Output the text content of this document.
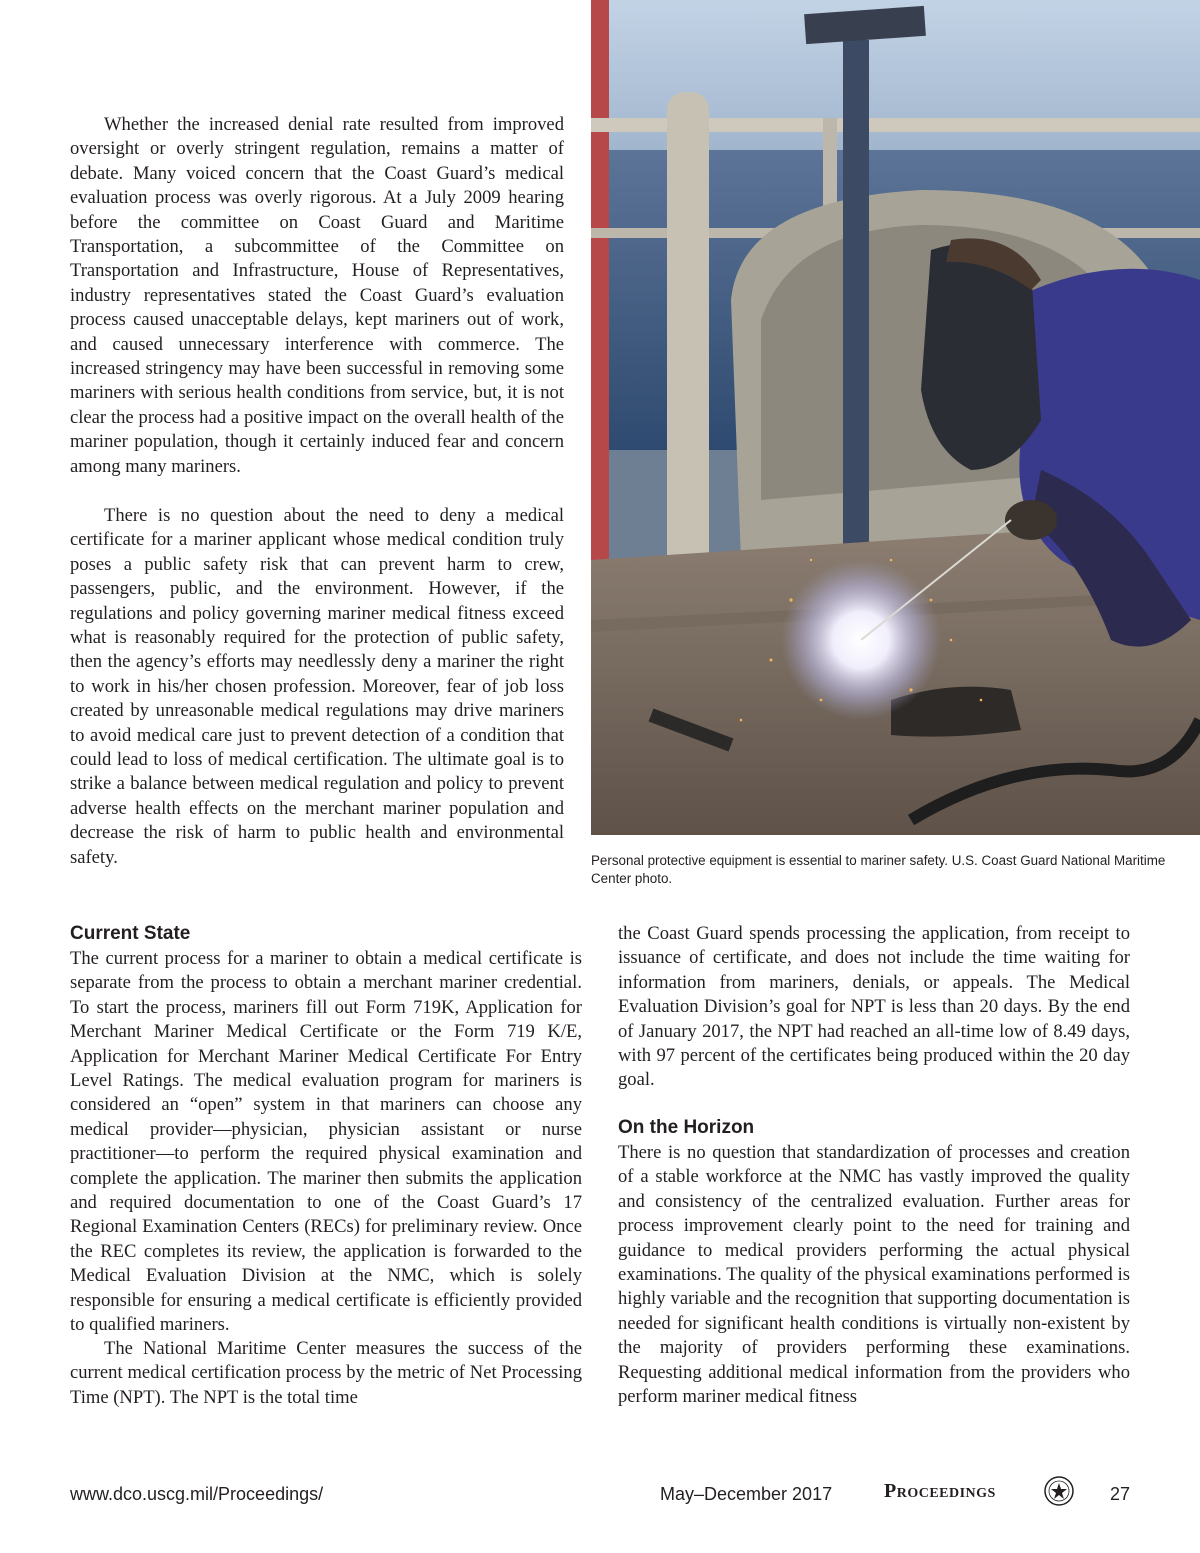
Whether the increased denial rate resulted from improved oversight or overly stringent regulation, remains a matter of debate. Many voiced concern that the Coast Guard’s medical evaluation process was overly rigorous. At a July 2009 hearing before the committee on Coast Guard and Maritime Transportation, a subcommittee of the Committee on Transportation and Infrastructure, House of Representatives, industry representatives stated the Coast Guard’s evaluation process caused unacceptable delays, kept mariners out of work, and caused unnecessary interference with commerce. The increased stringency may have been successful in removing some mariners with serious health conditions from service, but, it is not clear the process had a positive impact on the overall health of the mariner population, though it certainly induced fear and concern among many mariners.

There is no question about the need to deny a medical certificate for a mariner applicant whose medical condition truly poses a public safety risk that can prevent harm to crew, passengers, public, and the environment. However, if the regulations and policy governing mariner medical fitness exceed what is reasonably required for the protection of public safety, then the agency’s efforts may needlessly deny a mariner the right to work in his/her chosen profession. Moreover, fear of job loss created by unreasonable medical regulations may drive mariners to avoid medical care just to prevent detection of a condition that could lead to loss of medical certification. The ultimate goal is to strike a balance between medical regulation and policy to prevent adverse health effects on the merchant mariner population and decrease the risk of harm to public health and environmental safety.	Personal protective equipment is essential to mariner safety. U.S. Coast Guard National Maritime Center photo.

Current State

The current process for a mariner to obtain a medical certificate is separate from the process to obtain a merchant mariner credential. To start the process, mariners fill out Form 719K, Application for Merchant Mariner Medical Certificate or the Form 719 K/E, Application for Merchant Mariner Medical Certificate For Entry Level Ratings. The medical evaluation program for mariners is considered an “open” system in that mariners can choose any medical provider—physician, physician assistant or nurse practitioner—to perform the required physical examination and complete the application. The mariner then submits the application and required documentation to one of the Coast Guard’s 17 Regional Examination Centers (RECs) for preliminary review. Once the REC completes its review, the application is forwarded to the Medical Evaluation Division at the NMC, which is solely responsible for ensuring a medical certificate is efficiently provided to qualified mariners.

The National Maritime Center measures the success of the current medical certification process by the metric of Net Processing Time (NPT). The NPT is the total time

the Coast Guard spends processing the application, from receipt to issuance of certificate, and does not include the time waiting for information from mariners, denials, or appeals. The Medical Evaluation Division’s goal for NPT is less than 20 days. By the end of January 2017, the NPT had reached an all-time low of 8.49 days, with 97 percent of the certificates being produced within the 20 day goal.

On the Horizon

There is no question that standardization of processes and creation of a stable workforce at the NMC has vastly improved the quality and consistency of the centralized evaluation. Further areas for process improvement clearly point to the need for training and guidance to medical providers performing the actual physical examinations. The quality of the physical examinations performed is highly variable and the recognition that supporting documentation is needed for significant health conditions is virtually non-existent by the majority of providers performing these examinations. Requesting additional medical information from the providers who perform mariner medical fitness

www.dco.uscg.mil/Proceedings/	May–December 2017	Proceedings	27
